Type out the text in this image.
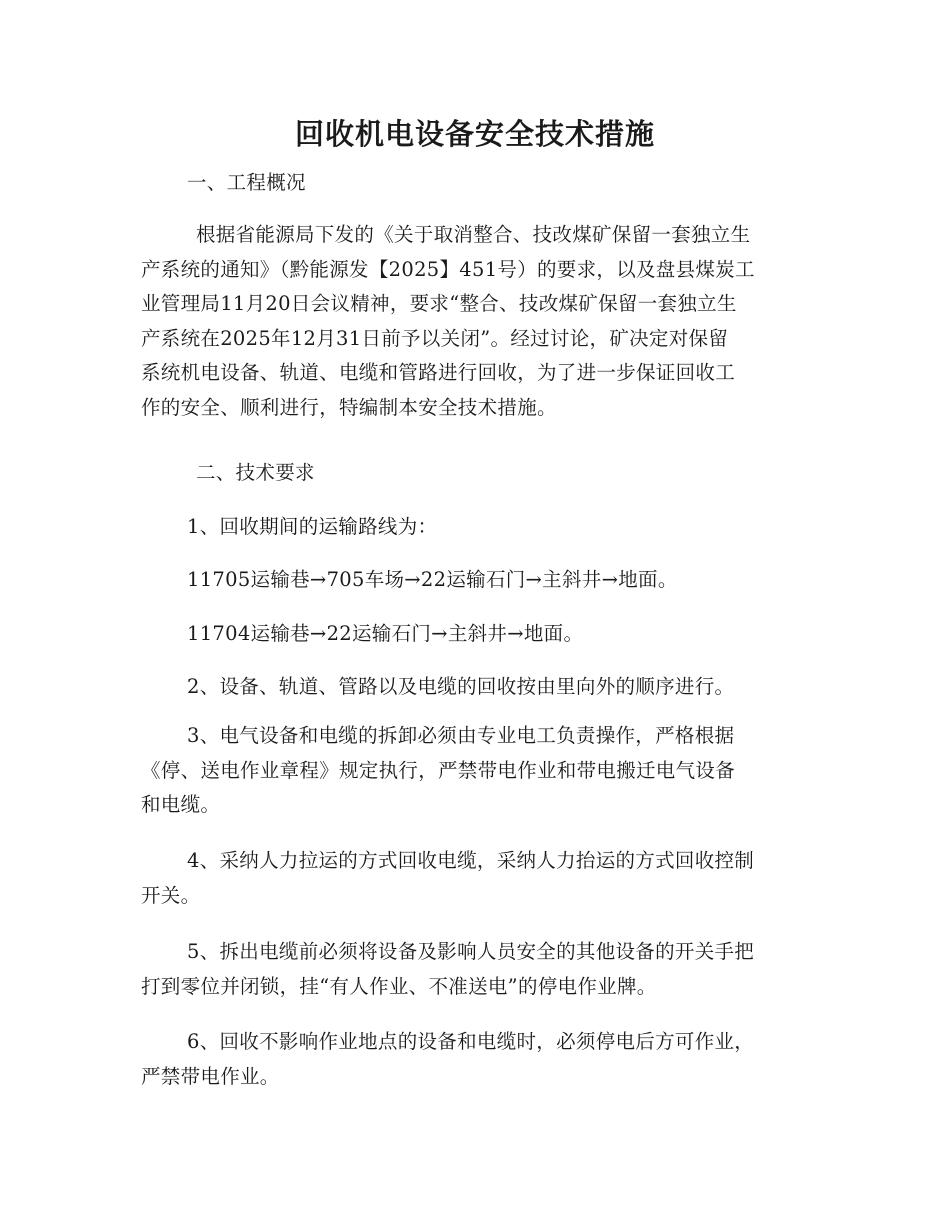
回收机电设备安全技术措施

一、工程概况

根据省能源局下发的《关于取消整合、技改煤矿保留一套独立生
产系统的通知》（黔能源发【2025】451号）的要求，以及盘县煤炭工
业管理局11月20日会议精神，要求“整合、技改煤矿保留一套独立生
产系统在2025年12月31日前予以关闭”。经过讨论，矿决定对保留
系统机电设备、轨道、电缆和管路进行回收，为了进一步保证回收工
作的安全、顺利进行，特编制本安全技术措施。

二、技术要求

1、回收期间的运输路线为：

11705运输巷→705车场→22运输石门→主斜井→地面。

11704运输巷→22运输石门→主斜井→地面。

2、设备、轨道、管路以及电缆的回收按由里向外的顺序进行。

3、电气设备和电缆的拆卸必须由专业电工负责操作，严格根据
《停、送电作业章程》规定执行，严禁带电作业和带电搬迁电气设备
和电缆。
4、采纳人力拉运的方式回收电缆，采纳人力抬运的方式回收控制
开关。
5、拆出电缆前必须将设备及影响人员安全的其他设备的开关手把
打到零位并闭锁，挂“有人作业、不准送电”的停电作业牌。
6、回收不影响作业地点的设备和电缆时，必须停电后方可作业，
严禁带电作业。
